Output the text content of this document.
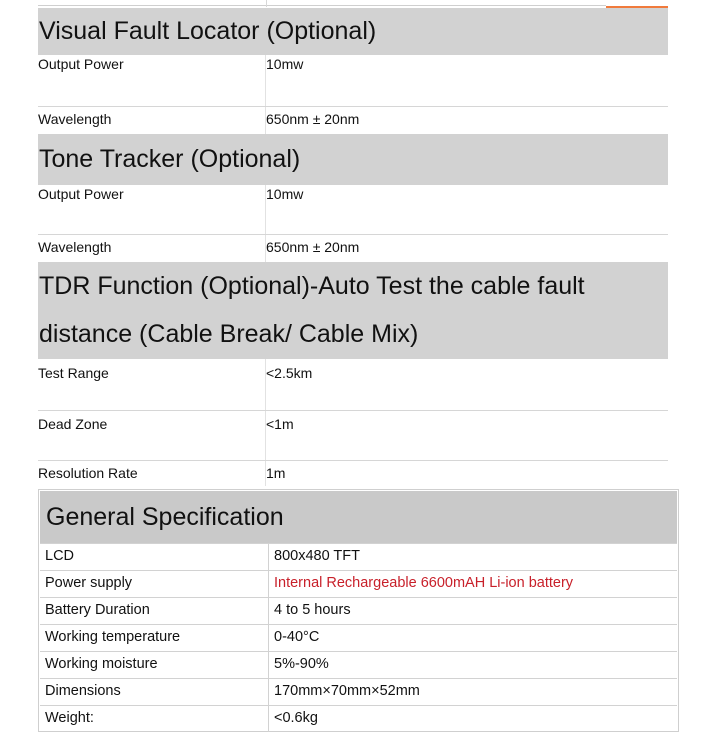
Visual Fault Locator (Optional)
Output Power	10mw
Wavelength	650nm ± 20nm
Tone Tracker (Optional)
Output Power	10mw
Wavelength	650nm ± 20nm
TDR Function (Optional)-Auto Test the cable fault
distance (Cable Break/ Cable Mix)
Test Range	<2.5km
Dead Zone	<1m
Resolution Rate	1m
General Specification
LCD	800x480 TFT
Power supply	Internal Rechargeable 6600mAH Li-ion battery
Battery Duration	4 to 5 hours
Working temperature	0-40°C
Working moisture	5%-90%
Dimensions	170mm×70mm×52mm
Weight:	<0.6kg
